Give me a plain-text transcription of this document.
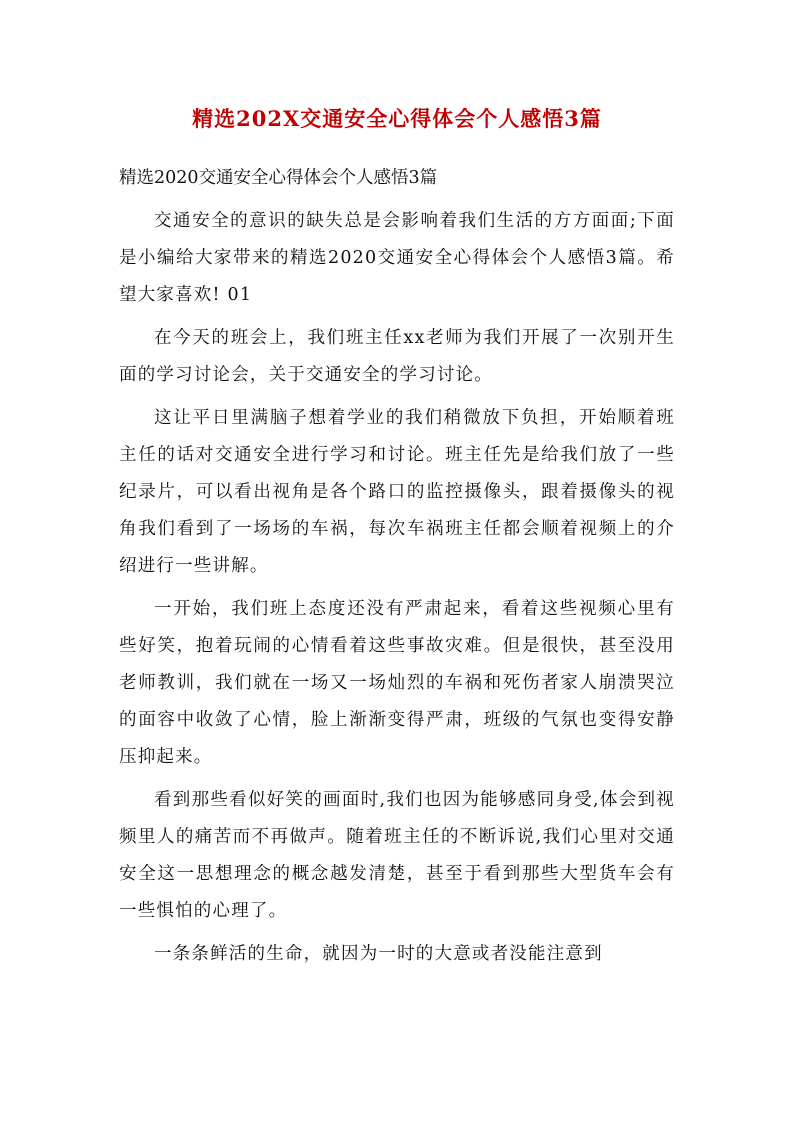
精选202X交通安全心得体会个人感悟3篇

精选2020交通安全心得体会个人感悟3篇

交通安全的意识的缺失总是会影响着我们生活的方方面面;下面是小编给大家带来的精选2020交通安全心得体会个人感悟3篇。希望大家喜欢! 01

在今天的班会上，我们班主任xx老师为我们开展了一次别开生面的学习讨论会，关于交通安全的学习讨论。

这让平日里满脑子想着学业的我们稍微放下负担，开始顺着班主任的话对交通安全进行学习和讨论。班主任先是给我们放了一些纪录片，可以看出视角是各个路口的监控摄像头，跟着摄像头的视角我们看到了一场场的车祸，每次车祸班主任都会顺着视频上的介绍进行一些讲解。

一开始，我们班上态度还没有严肃起来，看着这些视频心里有些好笑，抱着玩闹的心情看着这些事故灾难。但是很快，甚至没用老师教训，我们就在一场又一场灿烈的车祸和死伤者家人崩溃哭泣的面容中收敛了心情，脸上渐渐变得严肃，班级的气氛也变得安静压抑起来。

看到那些看似好笑的画面时,我们也因为能够感同身受,体会到视频里人的痛苦而不再做声。随着班主任的不断诉说,我们心里对交通安全这一思想理念的概念越发清楚，甚至于看到那些大型货车会有一些惧怕的心理了。

一条条鲜活的生命，就因为一时的大意或者没能注意到
